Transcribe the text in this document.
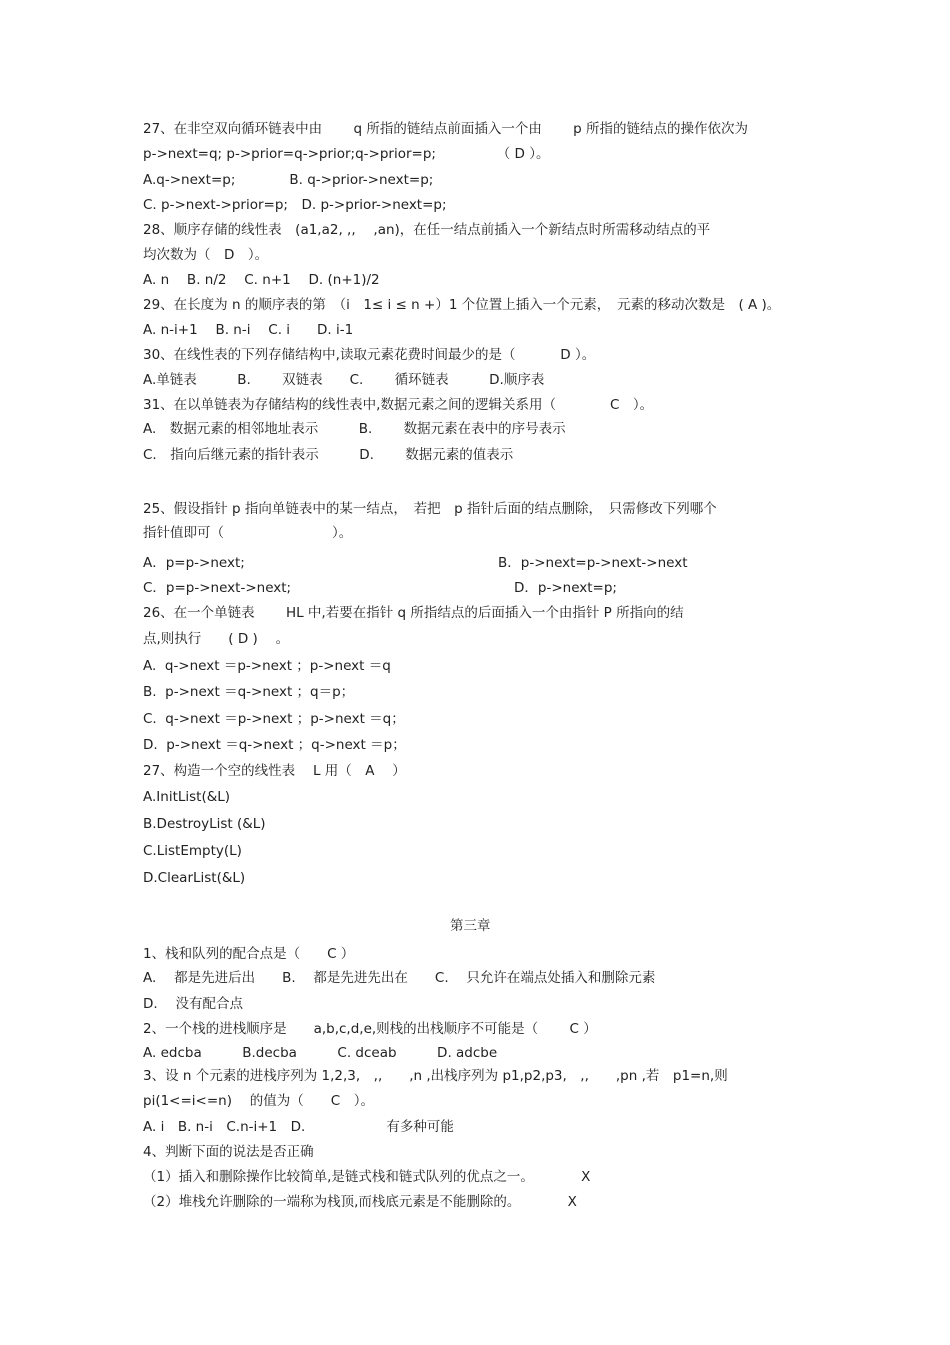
27、在非空双向循环链表中由　　 q 所指的链结点前面插入一个由　　 p 所指的链结点的操作依次为
p->next=q; p->prior=q->prior;q->prior=p;　　　　　（ D ）。
A.q->next=p;　　　　B. q->prior->next=p;
C. p->next->prior=p;　D. p->prior->next=p;
28、顺序存储的线性表　(a1,a2, ,,　 ,an)，在任一结点前插入一个新结点时所需移动结点的平
均次数为（　D　）。
A. n　 B. n/2　 C. n+1　 D. (n+1)/2
29、在长度为 n 的顺序表的第　（i　1≤ i ≤ n +）1 个位置上插入一个元素，　元素的移动次数是　( A )。
A. n-i+1　 B. n-i　 C. i　　D. i-1
30、在线性表的下列存储结构中,读取元素花费时间最少的是（　　　 D ）。
A.单链表　　　B.　　 双链表　　C.　　 循环链表　　　D.顺序表
31、在以单链表为存储结构的线性表中,数据元素之间的逻辑关系用（　　　　C　）。
A.　数据元素的相邻地址表示　　　B.　　 数据元素在表中的序号表示
C.　指向后继元素的指针表示　　　D.　　 数据元素的值表示
25、假设指针 p 指向单链表中的某一结点，　若把　p 指针后面的结点删除，　只需修改下列哪个
指针值即可（　　　　　　　　）。
A．p=p->next;	B．p->next=p->next->next
C．p=p->next->next;	D．p->next=p;
26、在一个单链表　　 HL 中,若要在指针 q 所指结点的后面插入一个由指针 P 所指向的结
点,则执行　　( D )　 。
A.  q->next ＝p->next ；p->next ＝q
B.  p->next ＝q->next ；q＝p；
C.  q->next ＝p->next ；p->next ＝q；
D.  p->next ＝q->next ；q->next ＝p；
27、构造一个空的线性表　 L 用（　A　 ）
A.InitList(&L)
B.DestroyList (&L)
C.ListEmpty(L)
D.ClearList(&L)
第三章
1、栈和队列的配合点是（　　C ）
A.　 都是先进后出　　B.　 都是先进先出在　　C.　 只允许在端点处插入和删除元素
D.　 没有配合点
2、一个栈的进栈顺序是　　a,b,c,d,e,则栈的出栈顺序不可能是（　　 C ）
A. edcba　　　B.decba　　　C. dceab　　　D. adcbe
3、设 n 个元素的进栈序列为 1,2,3,　,,　　,n ,出栈序列为 p1,p2,p3,　,,　　,pn ,若　p1=n,则
pi(1<=i<=n)　 的值为（　　C　）。
A. i　B. n-i　C.n-i+1　D.　　　　　　有多种可能
4、判断下面的说法是否正确
（1）插入和删除操作比较简单,是链式栈和链式队列的优点之一。　　　　X
（2）堆栈允许删除的一端称为栈顶,而栈底元素是不能删除的。　　　　X
